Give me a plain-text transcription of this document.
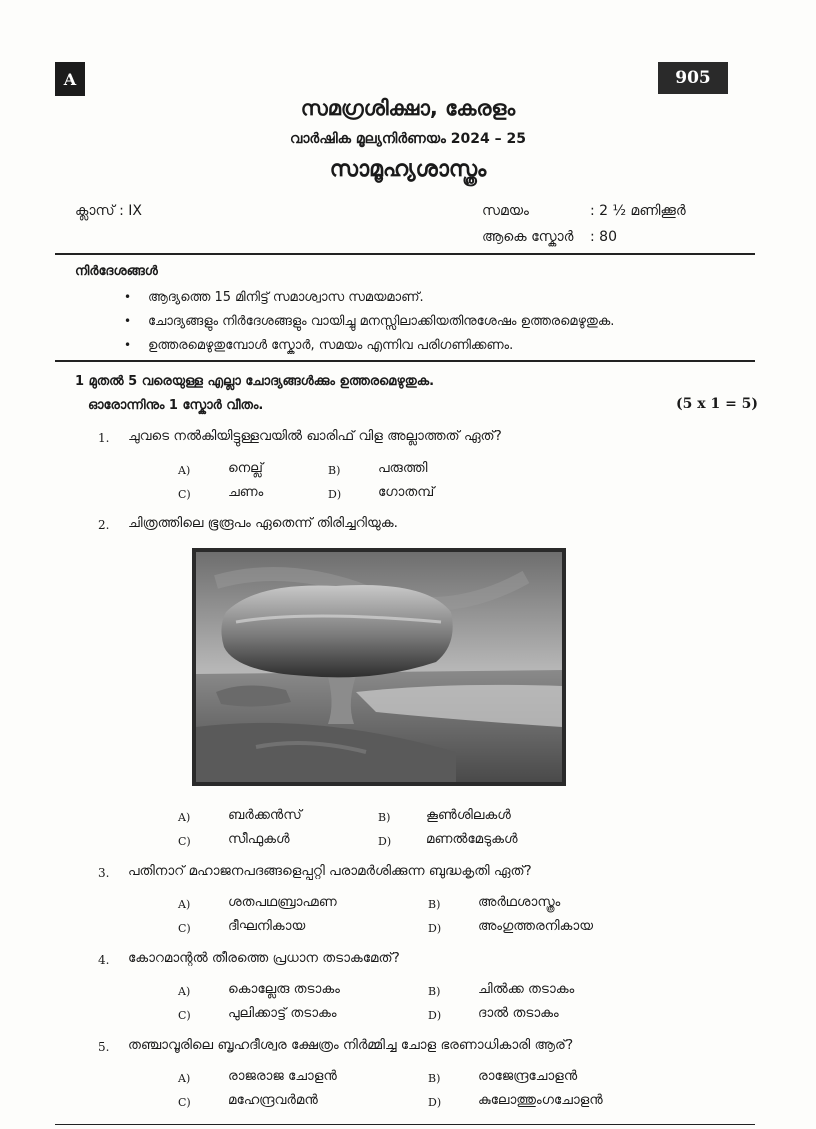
A	905
സമഗ്രശിക്ഷാ, കേരളം
വാർഷിക മൂല്യനിർണയം 2024 – 25
സാമൂഹ്യശാസ്ത്രം
ക്ലാസ് : IX	സമയം	: 2 ½ മണിക്കൂർ
ആകെ സ്കോർ : 80
നിർദേശങ്ങൾ
• ആദ്യത്തെ 15 മിനിട്ട് സമാശ്വാസ സമയമാണ്.
• ചോദ്യങ്ങളും നിർദേശങ്ങളും വായിച്ചു മനസ്സിലാക്കിയതിനുശേഷം ഉത്തരമെഴുതുക.
• ഉത്തരമെഴുതുമ്പോൾ സ്കോർ, സമയം എന്നിവ പരിഗണിക്കണം.
1 മുതൽ 5 വരെയുള്ള എല്ലാ ചോദ്യങ്ങൾക്കും ഉത്തരമെഴുതുക.
ഓരോന്നിനും 1 സ്കോർ വീതം.	(5 x 1 = 5)
1. ചുവടെ നൽകിയിട്ടുള്ളവയിൽ ഖാരിഫ് വിള അല്ലാത്തത് ഏത്?
A)	നെല്ല്	B)	പരുത്തി
C)	ചണം	D)	ഗോതമ്പ്
2. ചിത്രത്തിലെ ഭൂരൂപം ഏതെന്ന് തിരിച്ചറിയുക.
A)	ബർക്കൻസ്	B)	കൂൺശിലകൾ
C)	സീഫുകൾ	D)	മണൽമേടുകൾ
3. പതിനാറ് മഹാജനപദങ്ങളെപ്പറ്റി പരാമർശിക്കുന്ന ബുദ്ധകൃതി ഏത്?
A)	ശതപഥബ്രാഹ്മണ	B)	അർഥശാസ്ത്രം
C)	ദീഘനികായ	D)	അംഗുത്തരനികായ
4. കോറമാന്റൽ തീരത്തെ പ്രധാന തടാകമേത്?
A)	കൊല്ലേരു തടാകം	B)	ചിൽക്ക തടാകം
C)	പുലിക്കാട്ട് തടാകം	D)	ദാൽ തടാകം
5. തഞ്ചാവൂരിലെ ബൃഹദീശ്വര ക്ഷേത്രം നിർമ്മിച്ച ചോള ഭരണാധികാരി ആര്?
A)	രാജരാജ ചോളൻ	B)	രാജേന്ദ്രചോളൻ
C)	മഹേന്ദ്രവർമൻ	D)	കുലോത്തുംഗചോളൻ
